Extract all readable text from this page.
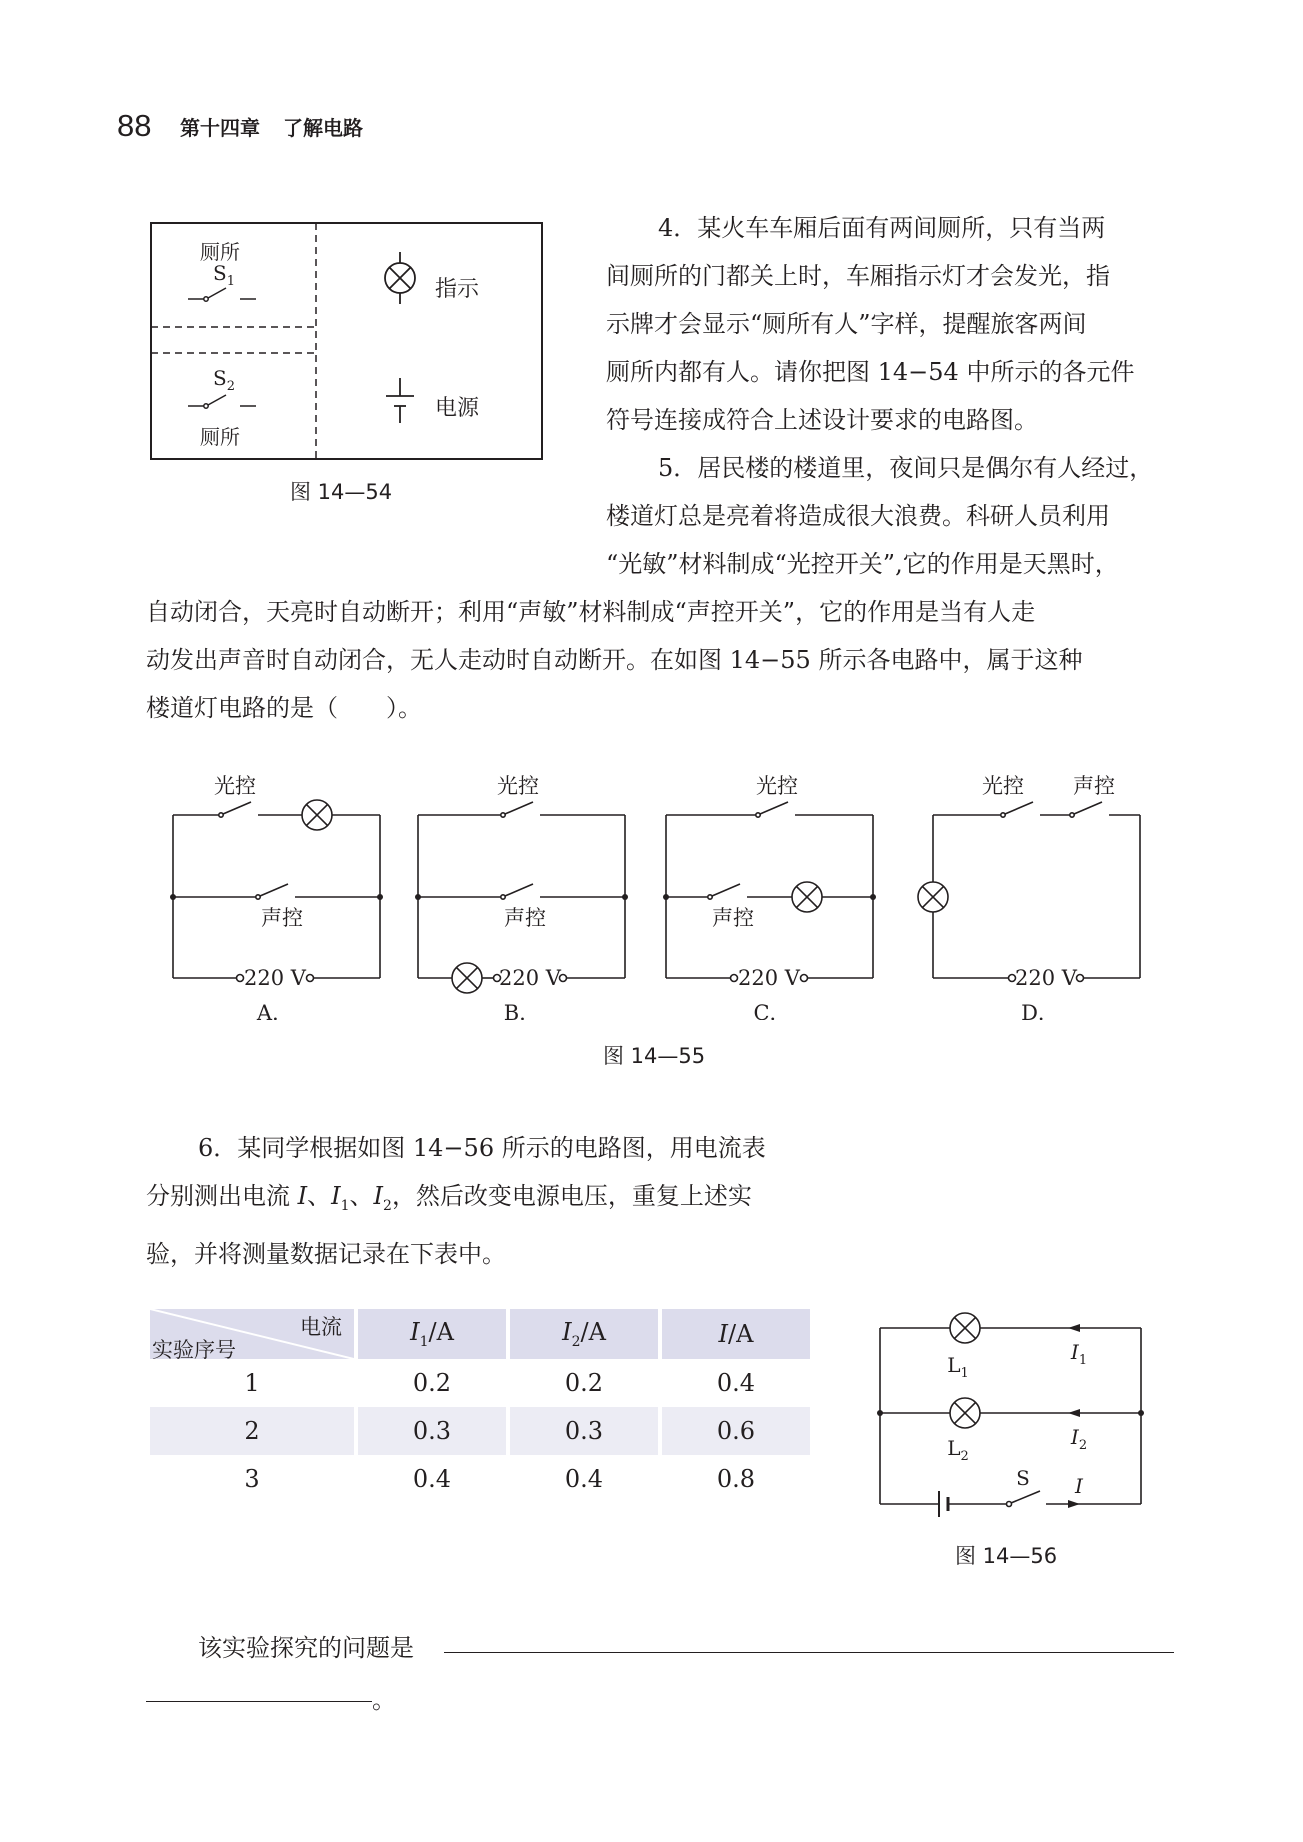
88 第十四章 了解电路
厕所
$S_1$
$S_2$
厕所
指示
电源
图 14—54

4．某火车车厢后面有两间厕所，只有当两

间厕所的门都关上时，车厢指示灯才会发光，指

示牌才会显示“厕所有人”字样，提醒旅客两间

厕所内都有人。请你把图 14−54 中所示的各元件

符号连接成符合上述设计要求的电路图。

5．居民楼的楼道里，夜间只是偶尔有人经过，

楼道灯总是亮着将造成很大浪费。科研人员利用

“光敏”材料制成“光控开关”,它的作用是天黑时，

自动闭合，天亮时自动断开；利用“声敏”材料制成“声控开关”，它的作用是当有人走

动发出声音时自动闭合，无人走动时自动断开。在如图 14−55 所示各电路中，属于这种

楼道灯电路的是（　　）。

光控
声控
220 V
A．
光控
声控
220 V
B．
光控
声控
220 V
C．
光控 声控
220 V
D．
图 14—55

6．某同学根据如图 14−56 所示的电路图，用电流表

分别测出电流 I、$I_1$、$I_2$，然后改变电源电压，重复上述实

验，并将测量数据记录在下表中。

电流
实验序号	$I_1/A$	$I_2/A$	I/A
1	0.2	0.2	0.4
2	0.3	0.3	0.6
3	0.4	0.4	0.8
$L_1$
$L_2$
$I_1$
$I_2$
I
S
图 14—56
该实验探究的问题是
。
